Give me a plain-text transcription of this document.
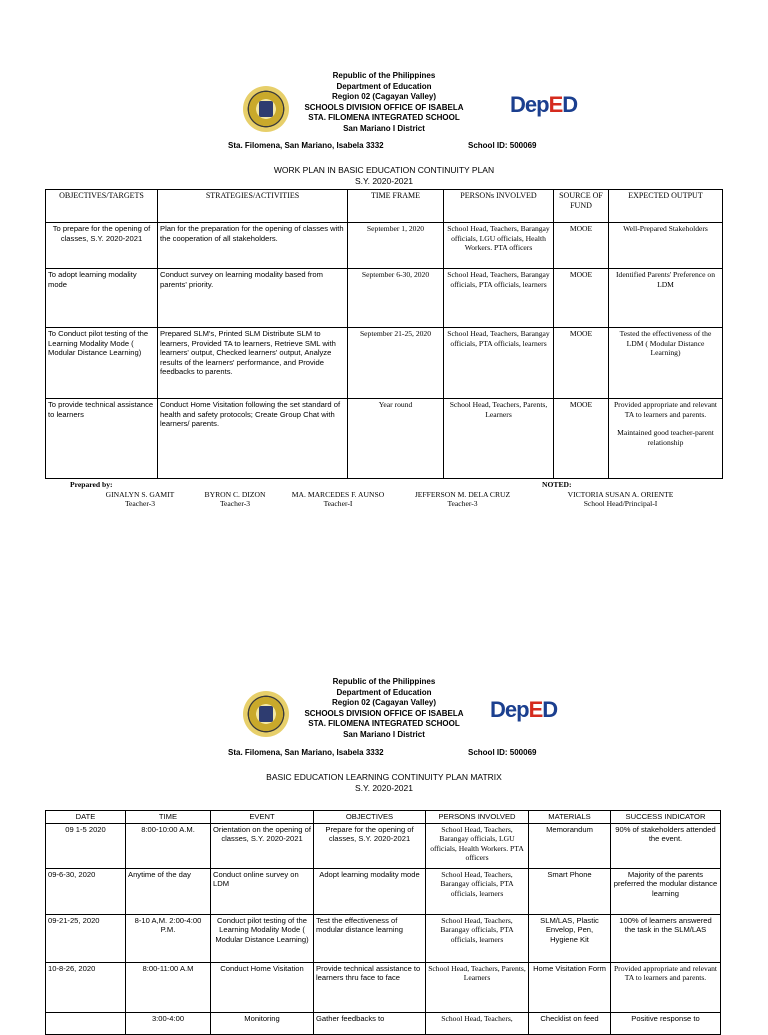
DepED
Republic of the Philippines
Department of Education
Region 02 (Cagayan Valley)
SCHOOLS DIVISION OFFICE OF ISABELA
STA. FILOMENA INTEGRATED SCHOOL
San Mariano I District
Sta. Filomena, San Mariano, Isabela 3332	School ID: 500069
WORK PLAN IN BASIC EDUCATION CONTINUITY PLAN
S.Y. 2020-2021
OBJECTIVES/TARGETS	STRATEGIES/ACTIVITIES	TIME FRAME	PERSONs INVOLVED	SOURCE OF FUND	EXPECTED OUTPUT
To prepare for the opening of classes, S.Y. 2020-2021	Plan for the preparation for the opening of classes with the cooperation of all stakeholders.	September 1, 2020	School Head, Teachers, Barangay officials, LGU officials, Health Workers. PTA officers	MOOE	Well-Prepared Stakeholders
To adopt learning modality mode	Conduct survey on learning modality based from parents' priority.	September 6-30, 2020	School Head, Teachers, Barangay officials, PTA officials, learners	MOOE	Identified Parents' Preference on LDM
To Conduct pilot testing of the Learning Modality Mode ( Modular Distance Learning)	Prepared SLM's, Printed SLM Distribute SLM to learners, Provided TA to learners, Retrieve SML with learners' output, Checked learners' output, Analyze results of the learners' performance, and Provide feedbacks to parents.	September 21-25, 2020	School Head, Teachers, Barangay officials, PTA officials, learners	MOOE	Tested the effectiveness of the LDM ( Modular Distance Learning)
To provide technical assistance to learners	Conduct Home Visitation following the set standard of health and safety protocols; Create Group Chat with learners/ parents.	Year round	School Head, Teachers, Parents, Learners	MOOE	Provided appropriate and relevant TA to learners and parents.
Maintained good teacher-parent relationship
Prepared by:	NOTED:
GINALYN S. GAMIT
Teacher-3
BYRON C. DIZON
Teacher-3
MA. MARCEDES F. AUNSO
Teacher-I
JEFFERSON M. DELA CRUZ
Teacher-3
VICTORIA SUSAN A. ORIENTE
School Head/Principal-I
DepED
Republic of the Philippines
Department of Education
Region 02 (Cagayan Valley)
SCHOOLS DIVISION OFFICE OF ISABELA
STA. FILOMENA INTEGRATED SCHOOL
San Mariano I District
Sta. Filomena, San Mariano, Isabela 3332	School ID: 500069
BASIC EDUCATION LEARNING CONTINUITY PLAN MATRIX
S.Y. 2020-2021
DATE	TIME	EVENT	OBJECTIVES	PERSONS INVOLVED	MATERIALS	SUCCESS INDICATOR
09 1-5 2020	8:00-10:00 A.M.	Orientation on the opening of classes, S.Y. 2020-2021	Prepare for the opening of classes, S.Y. 2020-2021	School Head, Teachers, Barangay officials, LGU officials, Health Workers. PTA officers	Memorandum	90% of stakeholders attended the event.
09-6-30, 2020	Anytime of the day	Conduct online survey on LDM	Adopt learning modality mode	School Head, Teachers, Barangay officials, PTA officials, learners	Smart Phone	Majority of the parents preferred the modular distance learning
09-21-25, 2020	8-10 A,M. 2:00-4:00 P.M.	Conduct pilot testing of the Learning Modality Mode ( Modular Distance Learning)	Test the effectiveness of modular distance learning	School Head, Teachers, Barangay officials, PTA officials, learners	SLM/LAS, Plastic Envelop, Pen, Hygiene Kit	100% of learners answered the task in the SLM/LAS
10-8-26, 2020	8:00-11:00 A.M	Conduct Home Visitation	Provide technical assistance to learners thru face to face	School Head, Teachers, Parents, Learners	Home Visitation Form	Provided appropriate and relevant TA to learners and parents.
	3:00-4:00	Monitoring	Gather feedbacks to	School Head, Teachers,	Checklist on feed	Positive response to
